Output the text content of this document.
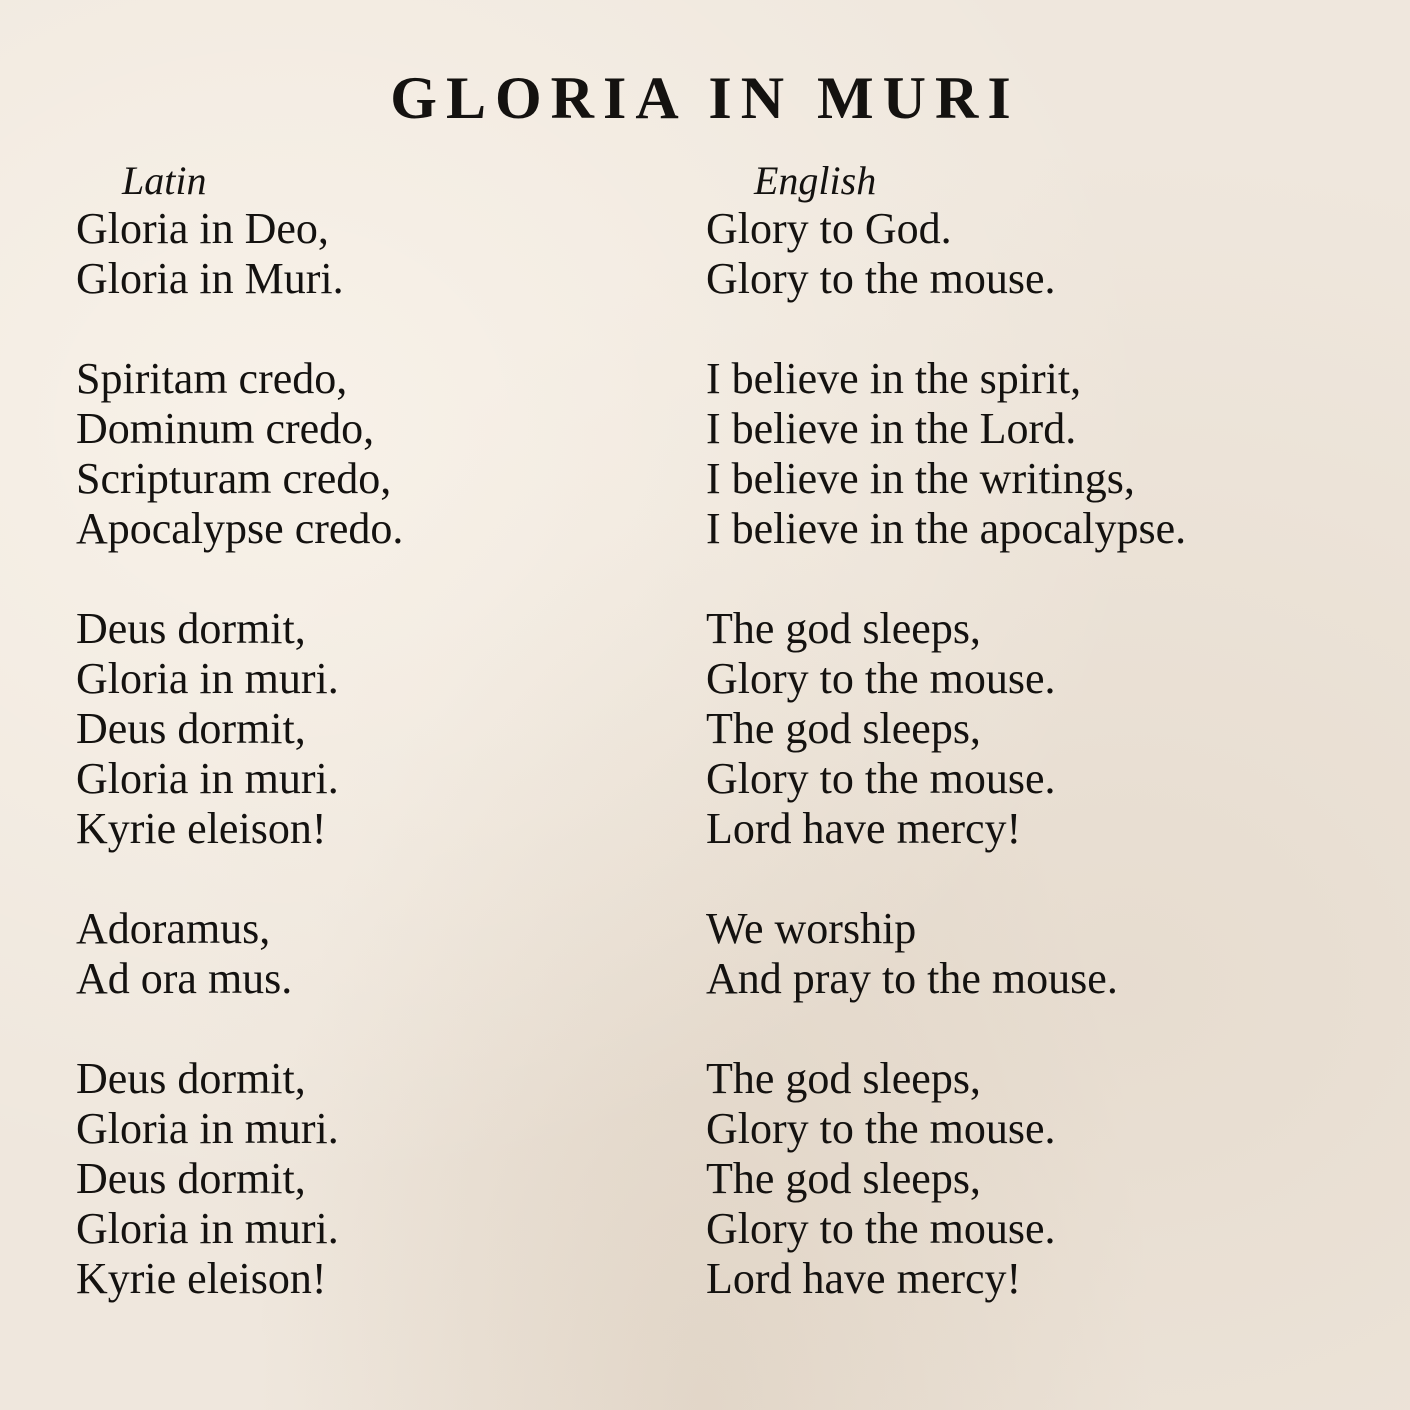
GLORIA IN MURI
Latin
Gloria in Deo,
Gloria in Muri.
Spiritam credo,
Dominum credo,
Scripturam credo,
Apocalypse credo.
Deus dormit,
Gloria in muri.
Deus dormit,
Gloria in muri.
Kyrie eleison!
Adoramus,
Ad ora mus.
Deus dormit,
Gloria in muri.
Deus dormit,
Gloria in muri.
Kyrie eleison!
English
Glory to God.
Glory to the mouse.
I believe in the spirit,
I believe in the Lord.
I believe in the writings,
I believe in the apocalypse.
The god sleeps,
Glory to the mouse.
The god sleeps,
Glory to the mouse.
Lord have mercy!
We worship
And pray to the mouse.
The god sleeps,
Glory to the mouse.
The god sleeps,
Glory to the mouse.
Lord have mercy!
